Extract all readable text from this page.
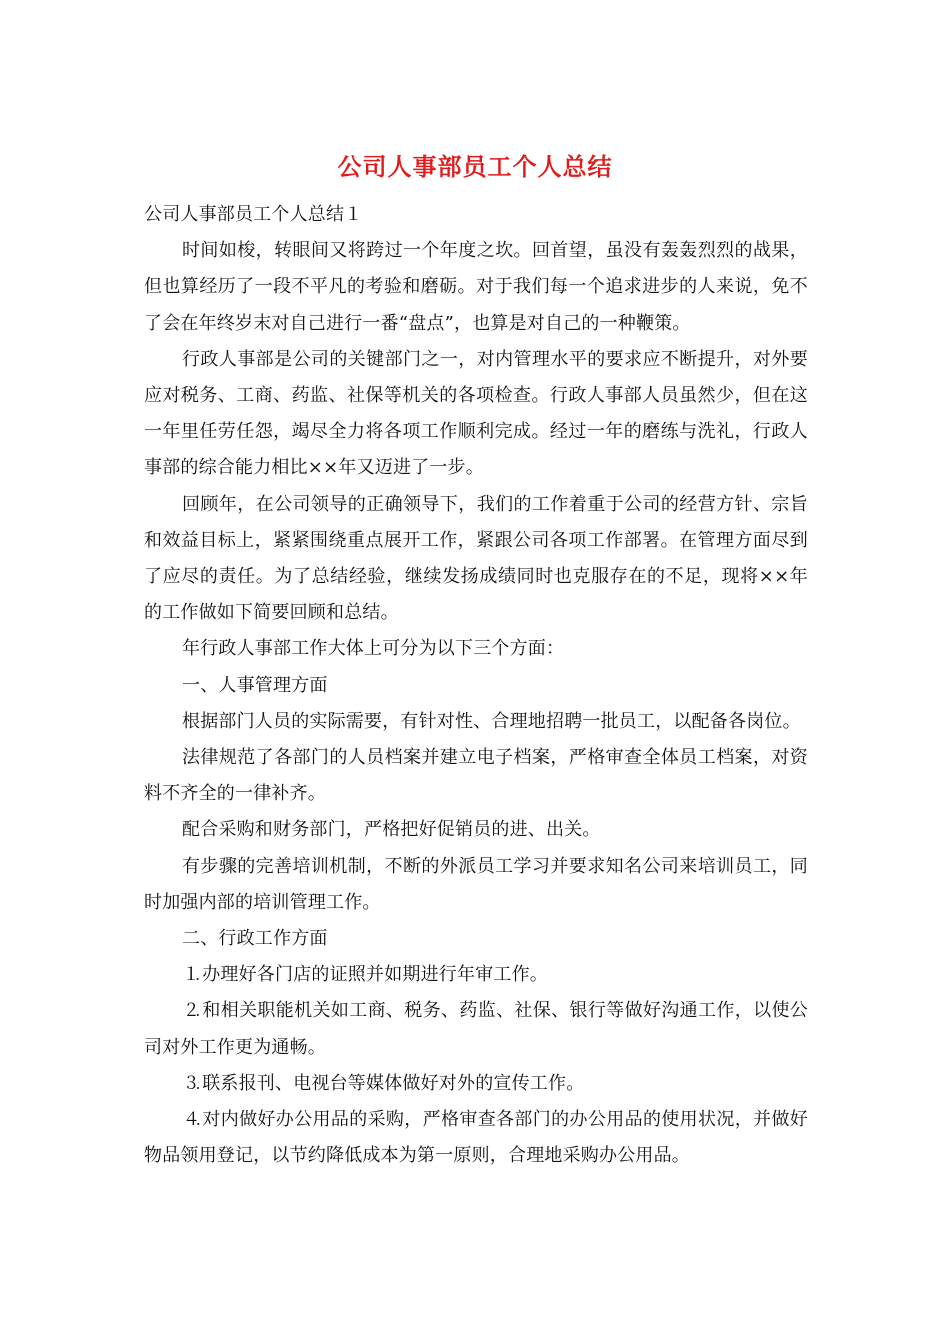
公司人事部员工个人总结

公司人事部员工个人总结１

时间如梭，转眼间又将跨过一个年度之坎。回首望，虽没有轰轰烈烈的战果，但也算经历了一段不平凡的考验和磨砺。对于我们每一个追求进步的人来说，免不了会在年终岁末对自己进行一番“盘点”，也算是对自己的一种鞭策。

行政人事部是公司的关键部门之一，对内管理水平的要求应不断提升，对外要应对税务、工商、药监、社保等机关的各项检查。行政人事部人员虽然少，但在这一年里任劳任怨，竭尽全力将各项工作顺利完成。经过一年的磨练与洗礼，行政人事部的综合能力相比××年又迈进了一步。

回顾年，在公司领导的正确领导下，我们的工作着重于公司的经营方针、宗旨和效益目标上，紧紧围绕重点展开工作，紧跟公司各项工作部署。在管理方面尽到了应尽的责任。为了总结经验，继续发扬成绩同时也克服存在的不足，现将××年的工作做如下简要回顾和总结。

年行政人事部工作大体上可分为以下三个方面：

一、人事管理方面

根据部门人员的实际需要，有针对性、合理地招聘一批员工，以配备各岗位。

法律规范了各部门的人员档案并建立电子档案，严格审查全体员工档案，对资料不齐全的一律补齐。

配合采购和财务部门，严格把好促销员的进、出关。

有步骤的完善培训机制，不断的外派员工学习并要求知名公司来培训员工，同时加强内部的培训管理工作。

二、行政工作方面

⒈办理好各门店的证照并如期进行年审工作。

⒉和相关职能机关如工商、税务、药监、社保、银行等做好沟通工作，以使公司对外工作更为通畅。

⒊联系报刊、电视台等媒体做好对外的宣传工作。

⒋对内做好办公用品的采购，严格审查各部门的办公用品的使用状况，并做好物品领用登记，以节约降低成本为第一原则，合理地采购办公用品。
